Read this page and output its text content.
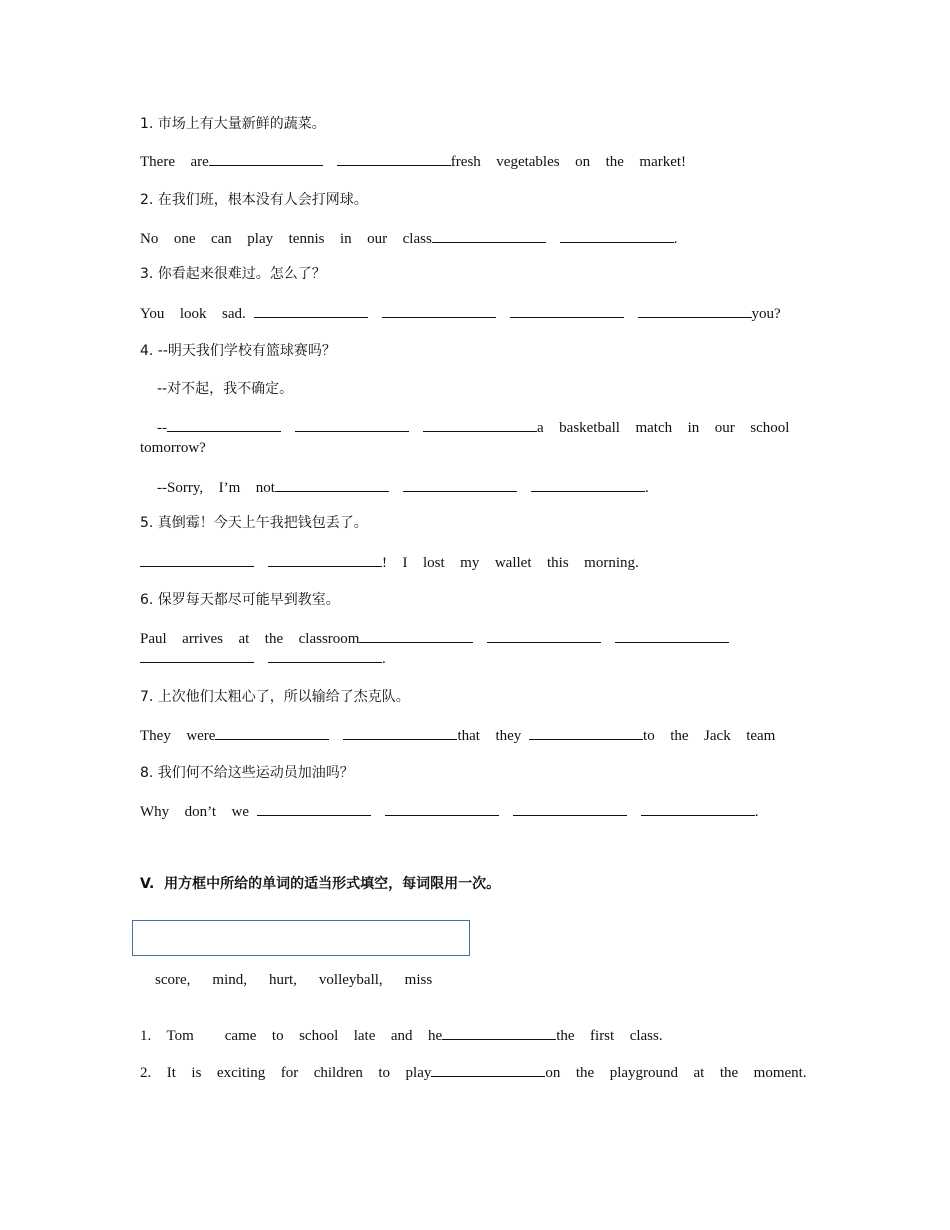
1. 市场上有大量新鲜的蔬菜。
There  are	fresh  vegetables  on  the  market!
2. 在我们班，根本没有人会打网球。
No  one  can  play  tennis  in  our  class	.
3. 你看起来很难过。怎么了？
You  look  sad.	you?
4. --明天我们学校有篮球赛吗？
--对不起，我不确定。
--	a  basketball  match  in  our  school
tomorrow?
--Sorry,  I’m  not	.
5. 真倒霉！今天上午我把钱包丢了。
!  I  lost  my  wallet  this  morning.
6. 保罗每天都尽可能早到教室。
Paul  arrives  at  the  classroom
.
7. 上次他们太粗心了，所以输给了杰克队。
They  were	that  they	to  the  Jack  team
8. 我们何不给这些运动员加油吗？
Why  don’t  we	.
V.  用方框中所给的单词的适当形式填空，每词限用一次。

score, mind, hurt, volleyball, miss

1.  Tom    came  to  school  late  and  he	the  first  class.
2.  It  is  exciting  for  children  to  play	on  the  playground  at  the  moment.
